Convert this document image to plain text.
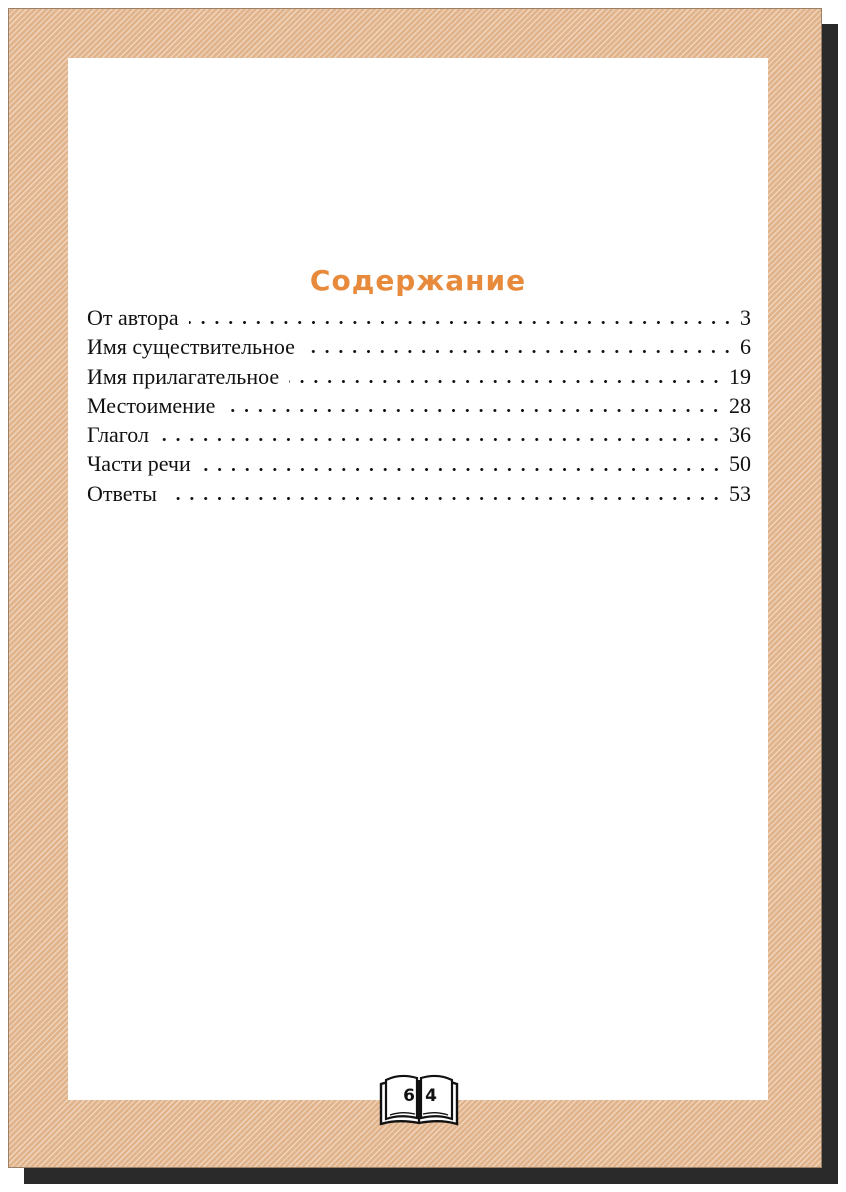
Содержание
От автора	3
Имя существительное	6
Имя прилагательное	19
Местоимение	28
Глагол	36
Части речи	50
Ответы	53
6 4
